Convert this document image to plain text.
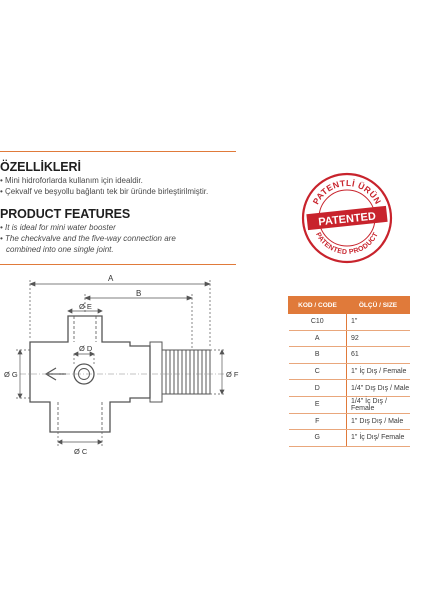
ÖZELLİKLERİ
• Mini hidroforlarda kullanım için idealdir.
• Çekvalf ve beşyollu bağlantı tek bir üründe birleştirilmiştir.
PRODUCT FEATURES
• It is ideal for mini water booster
• The checkvalve and the five-way connection are
combined into one single joint.
PATENTLİ ÜRÜN
PATENTED PRODUCT
PATENTED
A
B
Ø E
Ø D
Ø G	Ø F
Ø C
KOD / CODE	ÖLÇÜ / SIZE
C10	1"
A	92
B	61
C	1" İç Dış / Female
D	1/4" Dış Dış / Male
E	1/4" İç Dış / Female
F	1" Dış Dış / Male
G	1" İç Dış/ Female
